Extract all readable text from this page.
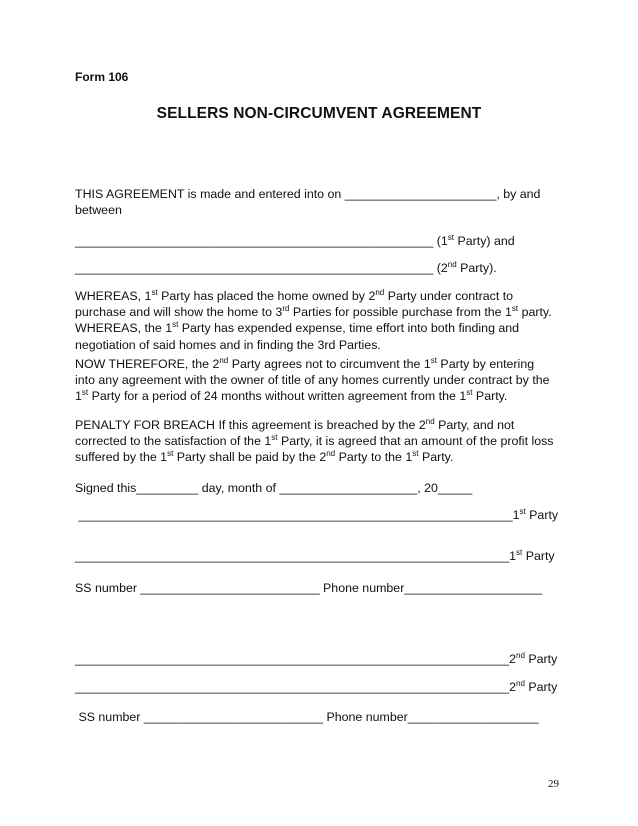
Form 106
SELLERS NON-CIRCUMVENT AGREEMENT
THIS AGREEMENT is made and entered into on ______________________, by and
between
____________________________________________________ (1st Party) and
____________________________________________________ (2nd Party).
WHEREAS, 1st Party has placed the home owned by 2nd Party under contract to
purchase and will show the home to 3rd Parties for possible purchase from the 1st party.
WHEREAS, the 1st Party has expended expense, time effort into both finding and
negotiation of said homes and in finding the 3rd Parties.
NOW THEREFORE, the 2nd Party agrees not to circumvent the 1st Party by entering
into any agreement with the owner of title of any homes currently under contract by the
1st Party for a period of 24 months without written agreement from the 1st Party.
PENALTY FOR BREACH If this agreement is breached by the 2nd Party, and not
corrected to the satisfaction of the 1st Party, it is agreed that an amount of the profit loss
suffered by the 1st Party shall be paid by the 2nd Party to the 1st Party.
Signed this_________ day, month of ____________________, 20_____
_______________________________________________________________1st Party
_______________________________________________________________1st Party
SS number __________________________ Phone number____________________
_______________________________________________________________2nd Party
_______________________________________________________________2nd Party
SS number __________________________ Phone number___________________
29
